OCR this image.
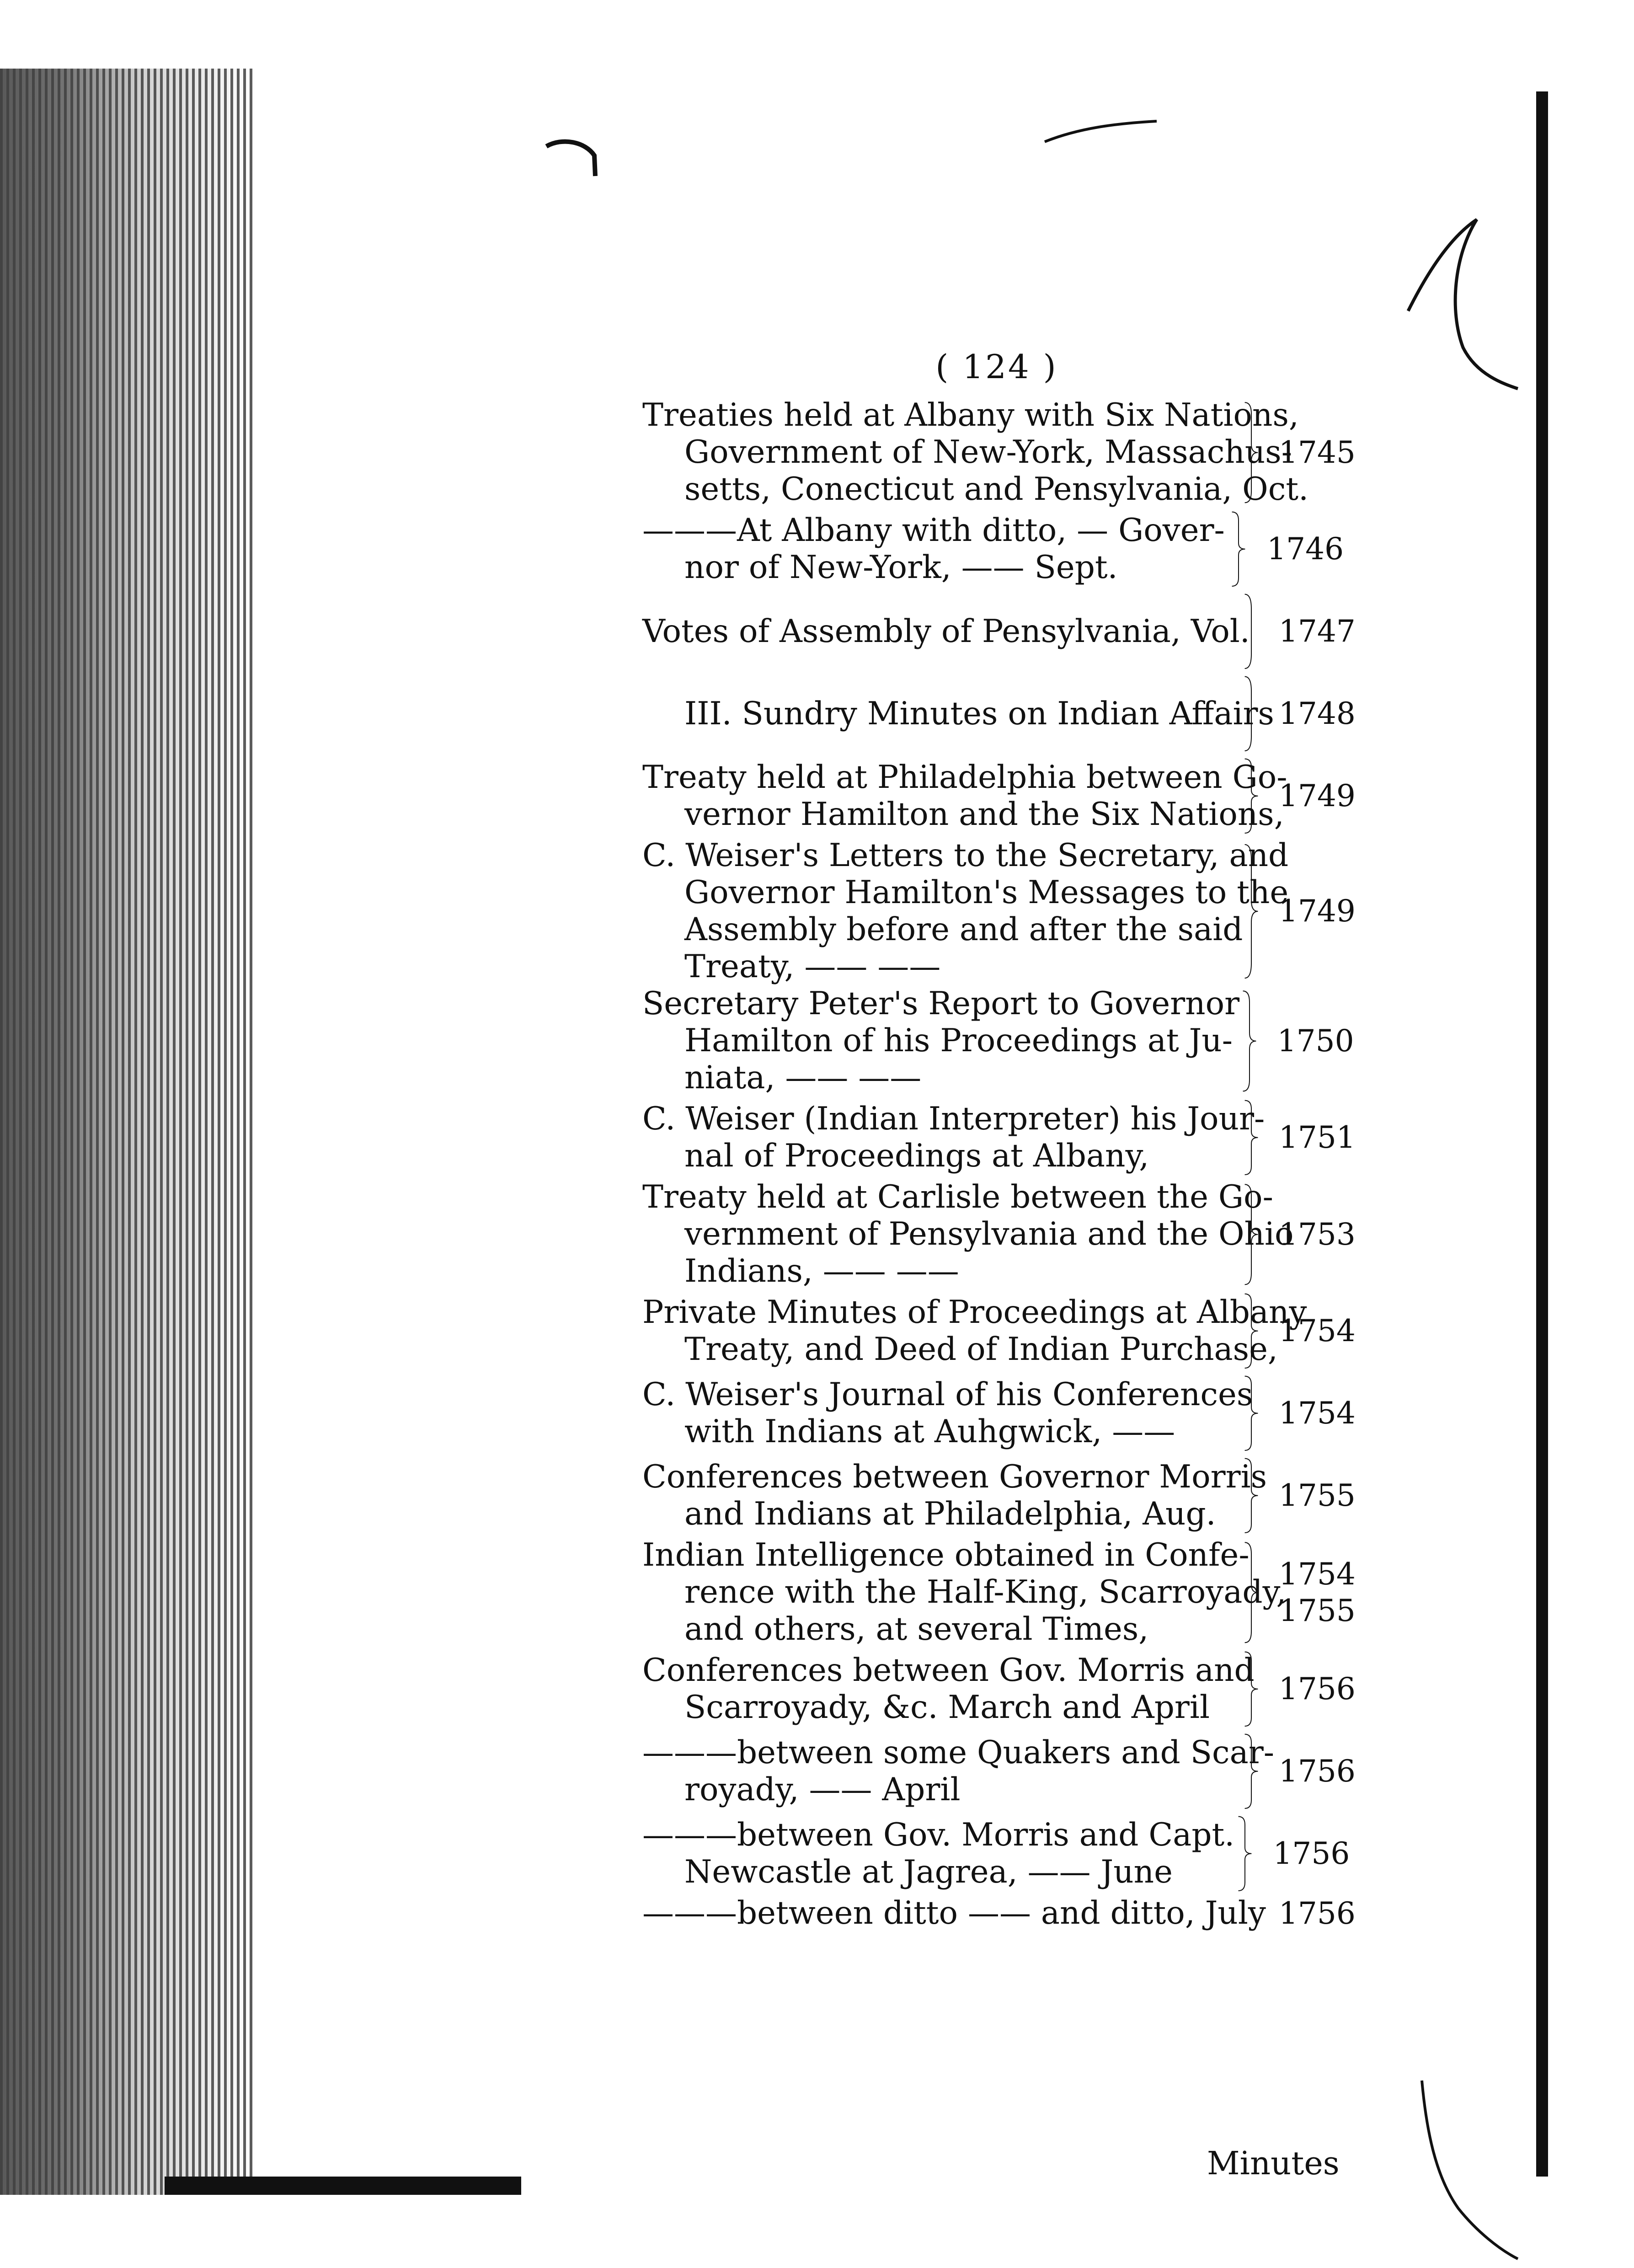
( 124 )
Treaties held at Albany with Six Nations,
Government of New-York, Massachus-
setts, Conecticut and Pensylvania, Oct.
1745
———At Albany with ditto, — Gover-
nor of New-York, —— Sept.
1746
Votes of Assembly of Pensylvania, Vol. 1747
III. Sundry Minutes on Indian Affairs 1748
Treaty held at Philadelphia between Go-
vernor Hamilton and the Six Nations,
1749
C. Weiser's Letters to the Secretary, and
Governor Hamilton's Messages to the
Assembly before and after the said
Treaty, —— ——
1749
Secretary Peter's Report to Governor
Hamilton of his Proceedings at Ju-
niata, —— ——
1750
C. Weiser (Indian Interpreter) his Jour-
nal of Proceedings at Albany,
1751
Treaty held at Carlisle between the Go-
vernment of Pensylvania and the Ohio
Indians, —— ——
1753
Private Minutes of Proceedings at Albany
Treaty, and Deed of Indian Purchase,
1754
C. Weiser's Journal of his Conferences
with Indians at Auhgwick, ——
1754
Conferences between Governor Morris
and Indians at Philadelphia, Aug.
1755
Indian Intelligence obtained in Confe-
rence with the Half-King, Scarroyady,
and others, at several Times,
1754
1755
Conferences between Gov. Morris and
Scarroyady, &c. March and April
1756
———between some Quakers and Scar-
royady, —— April
1756
———between Gov. Morris and Capt.
Newcastle at Jagrea, —— June
1756
———between ditto —— and ditto, July 1756
Minutes
